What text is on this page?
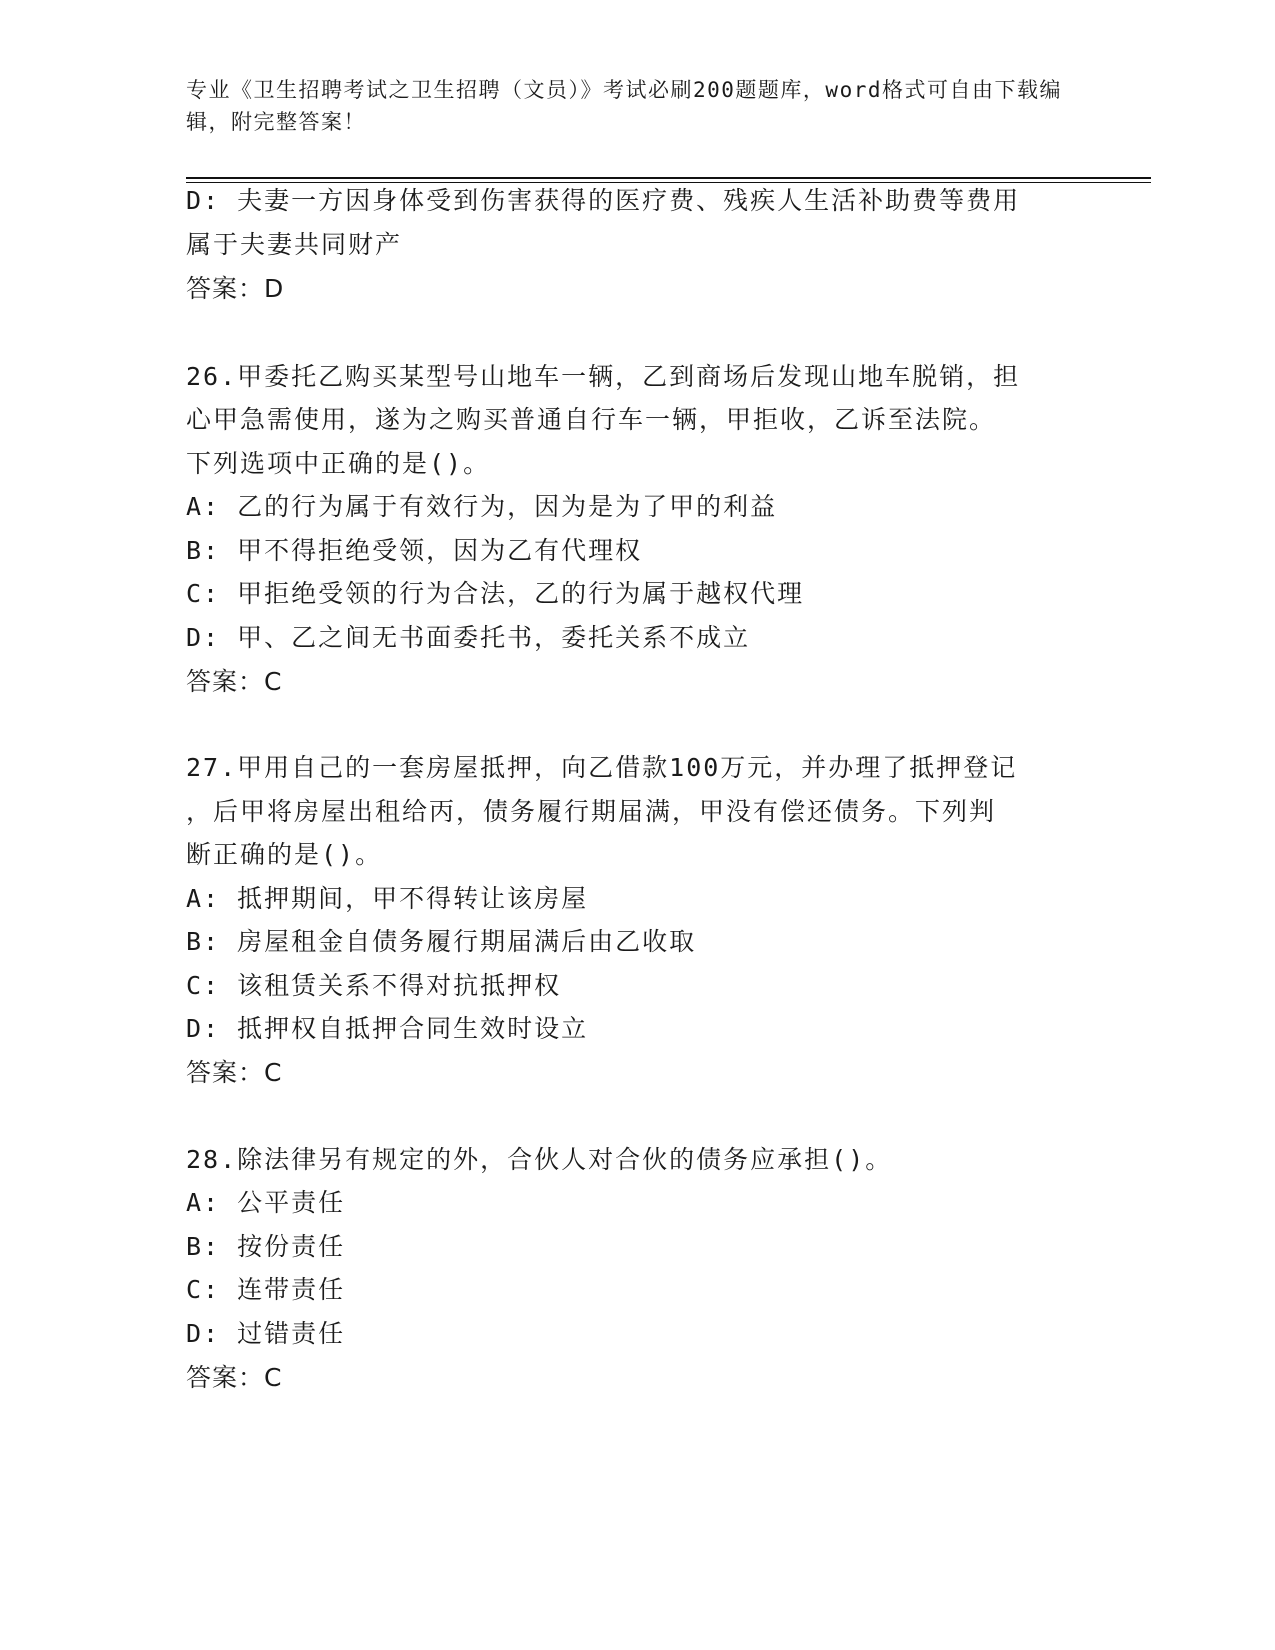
专业《卫生招聘考试之卫生招聘（文员）》考试必刷200题题库，word格式可自由下载编辑，附完整答案！
D: 夫妻一方因身体受到伤害获得的医疗费、残疾人生活补助费等费用
属于夫妻共同财产
答案：D
26.甲委托乙购买某型号山地车一辆，乙到商场后发现山地车脱销，担
心甲急需使用，遂为之购买普通自行车一辆，甲拒收，乙诉至法院。
下列选项中正确的是()。
A: 乙的行为属于有效行为，因为是为了甲的利益
B: 甲不得拒绝受领，因为乙有代理权
C: 甲拒绝受领的行为合法，乙的行为属于越权代理
D: 甲、乙之间无书面委托书，委托关系不成立
答案：C
27.甲用自己的一套房屋抵押，向乙借款100万元，并办理了抵押登记
，后甲将房屋出租给丙，债务履行期届满，甲没有偿还债务。下列判
断正确的是()。
A: 抵押期间，甲不得转让该房屋
B: 房屋租金自债务履行期届满后由乙收取
C: 该租赁关系不得对抗抵押权
D: 抵押权自抵押合同生效时设立
答案：C
28.除法律另有规定的外，合伙人对合伙的债务应承担()。
A: 公平责任
B: 按份责任
C: 连带责任
D: 过错责任
答案：C
